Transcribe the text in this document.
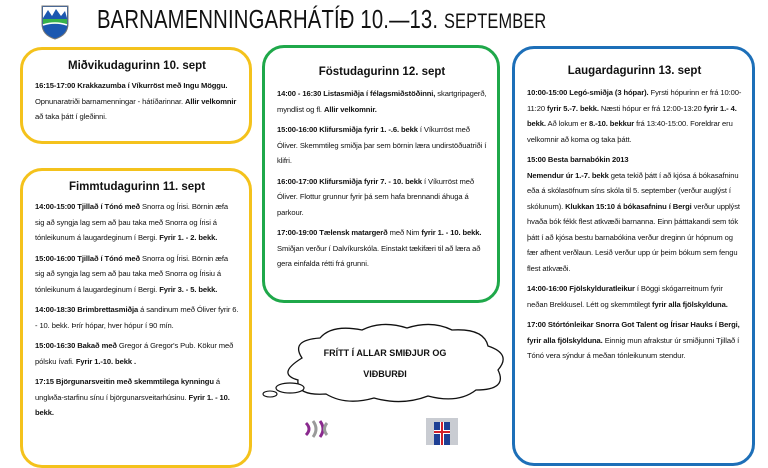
BARNAMENNINGARHÁTÍÐ 10.—13. SEPTEMBER
Miðvikudagurinn 10. sept

16:15-17:00 Krakkazumba í Víkurröst með Ingu Möggu. Opnunaratriði barnamenningar - hátíðarinnar. Allir velkomnir að taka þátt í gleðinni.

Fimmtudagurinn 11. sept

14:00-15:00 Tjillað í Tónó með Snorra og Írisi. Börnin æfa sig að syngja lag sem að þau taka með Snorra og Írisi á tónleikunum á laugardeginum í Bergi. Fyrir 1. - 2. bekk.

15:00-16:00 Tjillað í Tónó með Snorra og Írisi. Börnin æfa sig að syngja lag sem að þau taka með Snorra og Írisiu á tónleikunum á laugardeginum í Bergi. Fyrir 3. - 5. bekk.

14:00-18:30 Brimbrettasmiðja á sandinum með Óliver fyrir 6. - 10. bekk. Þrír hópar, hver hópur í 90 mín.

15:00-16:30 Bakað með Gregor á Gregor's Pub. Kökur með pólsku ívafi. Fyrir 1.-10. bekk .

17:15 Björgunarsveitin með skemmtilega kynningu á unglиða-starfinu sínu í björgunarsveitarhúsinu. Fyrir 1. - 10. bekk.

Föstudagurinn 12. sept

14:00 - 16:30 Listasmiðja í félagsmiðstöðinni, skartgripagerð, myndlist og fl. Allir velkomnir.

15:00-16:00 Klifursmiðja fyrir 1. -.6. bekk í Víkurröst með Óliver. Skemmtileg smiðja þar sem börnin læra undirstöðuatriði í klifri.

16:00-17:00 Klifursmiðja fyrir 7. - 10. bekk í Víkurröst með Óliver. Flottur grunnur fyrir þá sem hafa brennandi áhuga á parkour.

17:00-19:00 Tælensk matargerð með Nim fyrir 1. - 10. bekk. Smiðjan verður í Dalvíkurskóla. Einstakt tækifæri til að læra að gera einfalda rétti frá grunni.

Laugardagurinn 13. sept

10:00-15:00 Legó-smiðja (3 hópar). Fyrsti hópurinn er frá 10:00-11:20 fyrir 5.-7. bekk. Næsti hópur er frá 12:00-13:20 fyrir 1.- 4. bekk. Að lokum er 8.-10. bekkur frá 13:40-15:00. Foreldrar eru velkomnir að koma og taka þátt.

15:00 Besta barnabókin 2013
Nemendur úr 1.-7. bekk geta tekið þátt í að kjósa á bókasafninu eða á skólasöfnum síns skóla til 5. september (verður auglýst í skólunum). Klukkan 15:10 á bókasafninu í Bergi verður upplýst hvaða bók fékk flest atkvæði barnanna. Einn þátttakandi sem tók þátt í að kjósa bestu barnabókina verður dreginn úr hópnum og fær afhent verðlaun. Lesið verður upp úr þeim bókum sem fengu flest atkvæði.

14:00-16:00 Fjölskylduratleikur í Böggi skógarreitnum fyrir neðan Brekkusel. Létt og skemmtilegt fyrir alla fjölskylduna.

17:00 Stórtónleikar Snorra Got Talent og Írisar Hauks í Bergi, fyrir alla fjölskylduna. Einnig mun afrakstur úr smiðjunni Tjillað í Tónó vera sýndur á meðan tónleikunum stendur.

FRÍTT Í ALLAR SMIÐJUR OG
VIÐBURÐI
